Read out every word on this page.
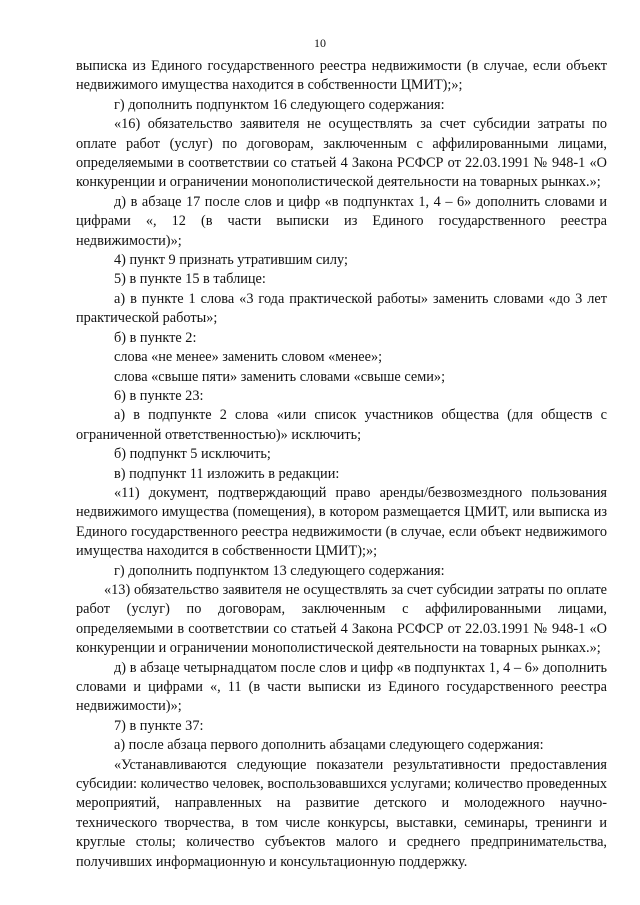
10

выписка из Единого государственного реестра недвижимости (в случае, если объект недвижимого имущества находится в собственности ЦМИТ);»;

г) дополнить подпунктом 16 следующего содержания:

«16) обязательство заявителя не осуществлять за счет субсидии затраты по оплате работ (услуг) по договорам, заключенным с аффилированными лицами, определяемыми в соответствии со статьей 4 Закона РСФСР от 22.03.1991 № 948-1 «О конкуренции и ограничении монополистической деятельности на товарных рынках.»;

д) в абзаце 17 после слов и цифр «в подпунктах 1, 4 – 6» дополнить словами и цифрами «, 12 (в части выписки из Единого государственного реестра недвижимости)»;

4) пункт 9 признать утратившим силу;

5) в пункте 15 в таблице:

а) в пункте 1 слова «3 года практической работы» заменить словами «до 3 лет практической работы»;

б) в пункте 2:

слова «не менее» заменить словом «менее»;

слова «свыше пяти» заменить словами «свыше семи»;

6) в пункте 23:

а) в подпункте 2 слова «или список участников общества (для обществ с ограниченной ответственностью)» исключить;

б) подпункт 5 исключить;

в) подпункт 11 изложить в редакции:

«11) документ, подтверждающий право аренды/безвозмездного пользования недвижимого имущества (помещения), в котором размещается ЦМИТ, или выписка из Единого государственного реестра недвижимости (в случае, если объект недвижимого имущества находится в собственности ЦМИТ);»;

г) дополнить подпунктом 13 следующего содержания:

«13) обязательство заявителя не осуществлять за счет субсидии затраты по оплате работ (услуг) по договорам, заключенным с аффилированными лицами, определяемыми в соответствии со статьей 4 Закона РСФСР от 22.03.1991 № 948-1 «О конкуренции и ограничении монополистической деятельности на товарных рынках.»;

д) в абзаце четырнадцатом после слов и цифр «в подпунктах 1, 4 – 6» дополнить словами и цифрами «, 11 (в части выписки из Единого государственного реестра недвижимости)»;

7) в пункте 37:

а) после абзаца первого дополнить абзацами следующего содержания:

«Устанавливаются следующие показатели результативности предоставления субсидии: количество человек, воспользовавшихся услугами; количество проведенных мероприятий, направленных на развитие детского и молодежного научно-технического творчества, в том числе конкурсы, выставки, семинары, тренинги и круглые столы; количество субъектов малого и среднего предпринимательства, получивших информационную и консультационную поддержку.
